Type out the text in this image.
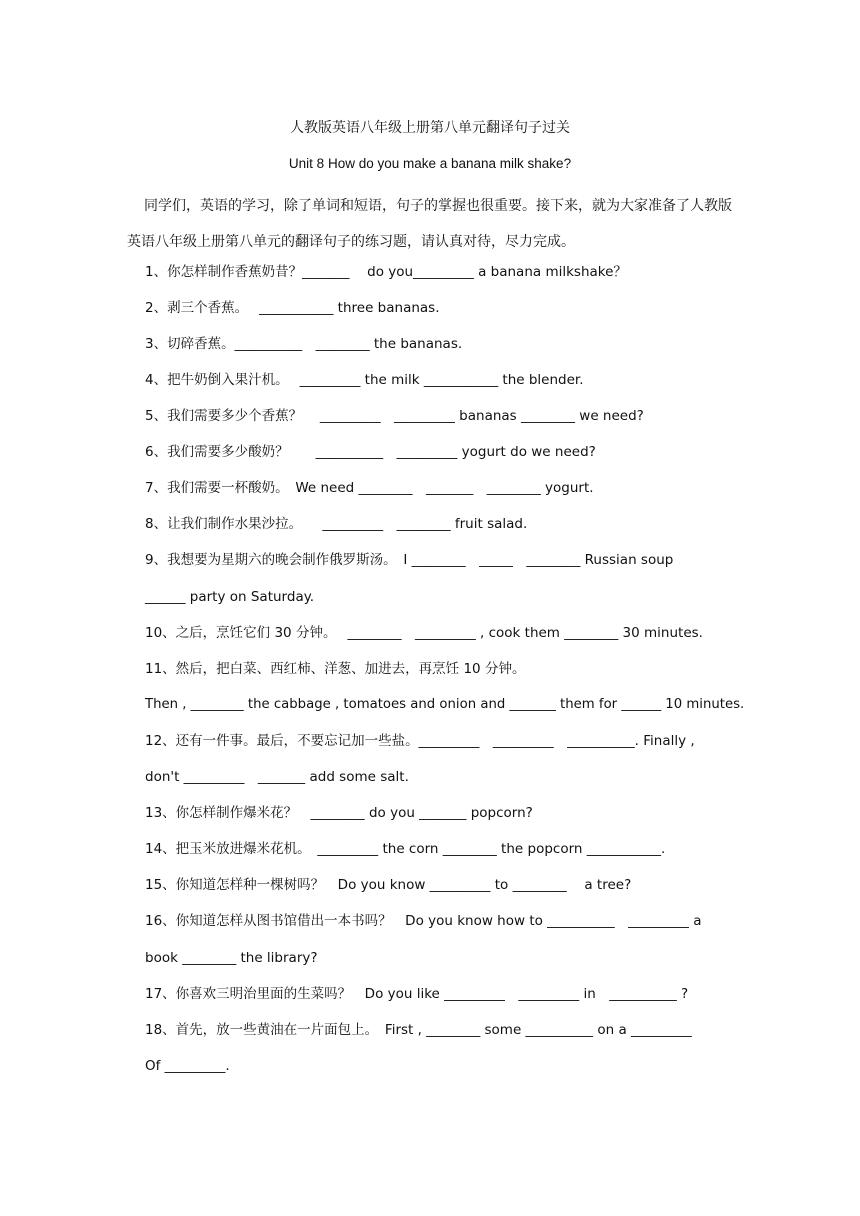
人教版英语八年级上册第八单元翻译句子过关
Unit 8 How do you make a banana milk shake?
同学们，英语的学习，除了单词和短语，句子的掌握也很重要。接下来，就为大家准备了人教版英语八年级上册第八单元的翻译句子的练习题，请认真对待，尽力完成。
1、你怎样制作香蕉奶昔？_______　 do you_________ a banana milkshake？
2、剥三个香蕉。　 ___________ three bananas.
3、切碎香蕉。__________　________ the bananas.
4、把牛奶倒入果汁机。　 _________ the milk ___________ the blender.
5、我们需要多少个香蕉？　 _________　_________ bananas ________ we need?
6、我们需要多少酸奶？　　__________　_________ yogurt do we need?
7、我们需要一杯酸奶。　We need ________　_______　________ yogurt.
8、让我们制作水果沙拉。　　_________　________ fruit salad.
9、我想要为星期六的晚会制作俄罗斯汤。　I ________　_____　________ Russian soup
______ party on Saturday.
10、之后，烹饪它们 30 分钟。　 ________　_________ , cook them ________ 30 minutes.
11、然后，把白菜、西红柿、洋葱、加进去，再烹饪 10 分钟。
Then , ________ the cabbage , tomatoes and onion and _______ them for ______ 10 minutes.
12、还有一件事。最后，不要忘记加一些盐。_________　_________　__________. Finally ,
don't _________　_______ add some salt.
13、你怎样制作爆米花？　________ do you _______ popcorn?
14、把玉米放进爆米花机。　_________ the corn ________ the popcorn ___________.
15、你知道怎样种一棵树吗？　Do you know _________ to ________　 a tree?
16、你知道怎样从图书馆借出一本书吗？　Do you know how to __________　_________ a
book ________ the library?
17、你喜欢三明治里面的生菜吗？　Do you like _________　_________ in　__________ ?
18、首先，放一些黄油在一片面包上。　First , ________ some __________ on a _________
Of _________.
